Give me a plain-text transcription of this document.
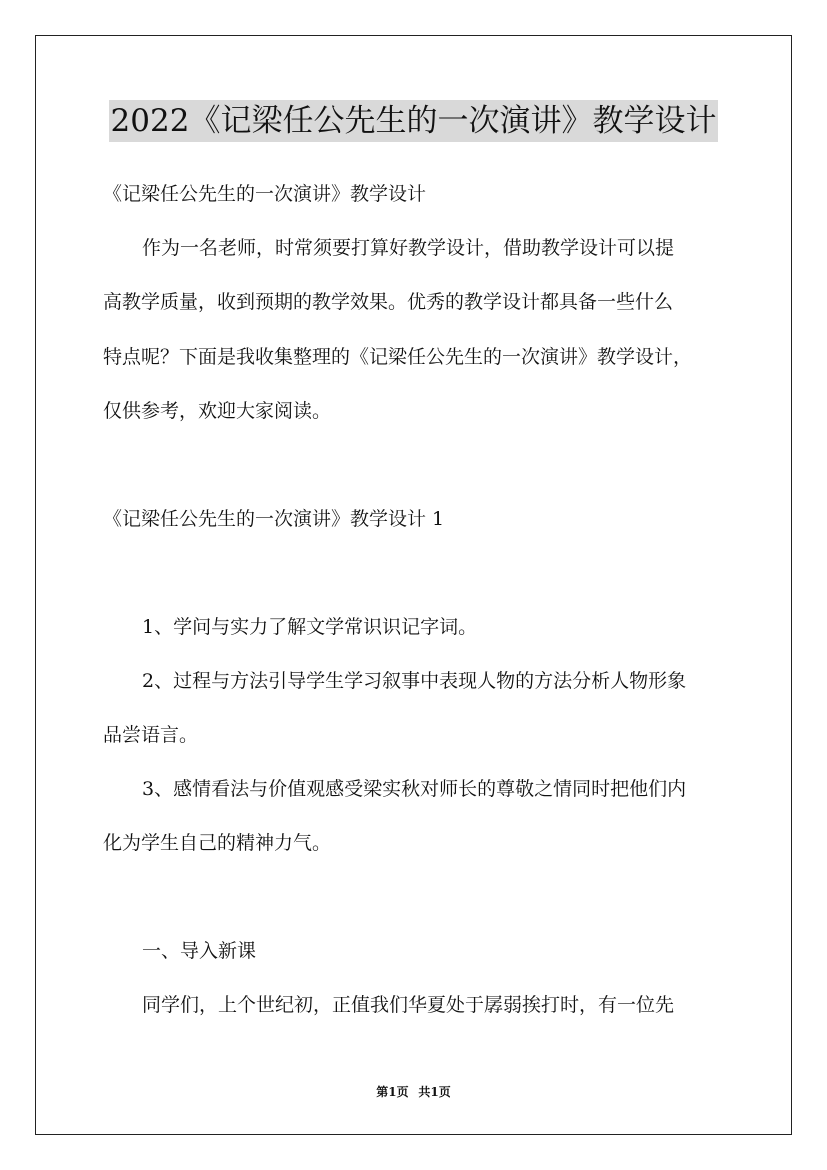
2022《记梁任公先生的一次演讲》教学设计
《记梁任公先生的一次演讲》教学设计
作为一名老师，时常须要打算好教学设计，借助教学设计可以提
高教学质量，收到预期的教学效果。优秀的教学设计都具备一些什么
特点呢？下面是我收集整理的《记梁任公先生的一次演讲》教学设计，
仅供参考，欢迎大家阅读。
《记梁任公先生的一次演讲》教学设计 1
1、学问与实力了解文学常识识记字词。
2、过程与方法引导学生学习叙事中表现人物的方法分析人物形象
品尝语言。
3、感情看法与价值观感受梁实秋对师长的尊敬之情同时把他们内
化为学生自己的精神力气。
一、导入新课
同学们，上个世纪初，正值我们华夏处于孱弱挨打时，有一位先
第1页 共1页
